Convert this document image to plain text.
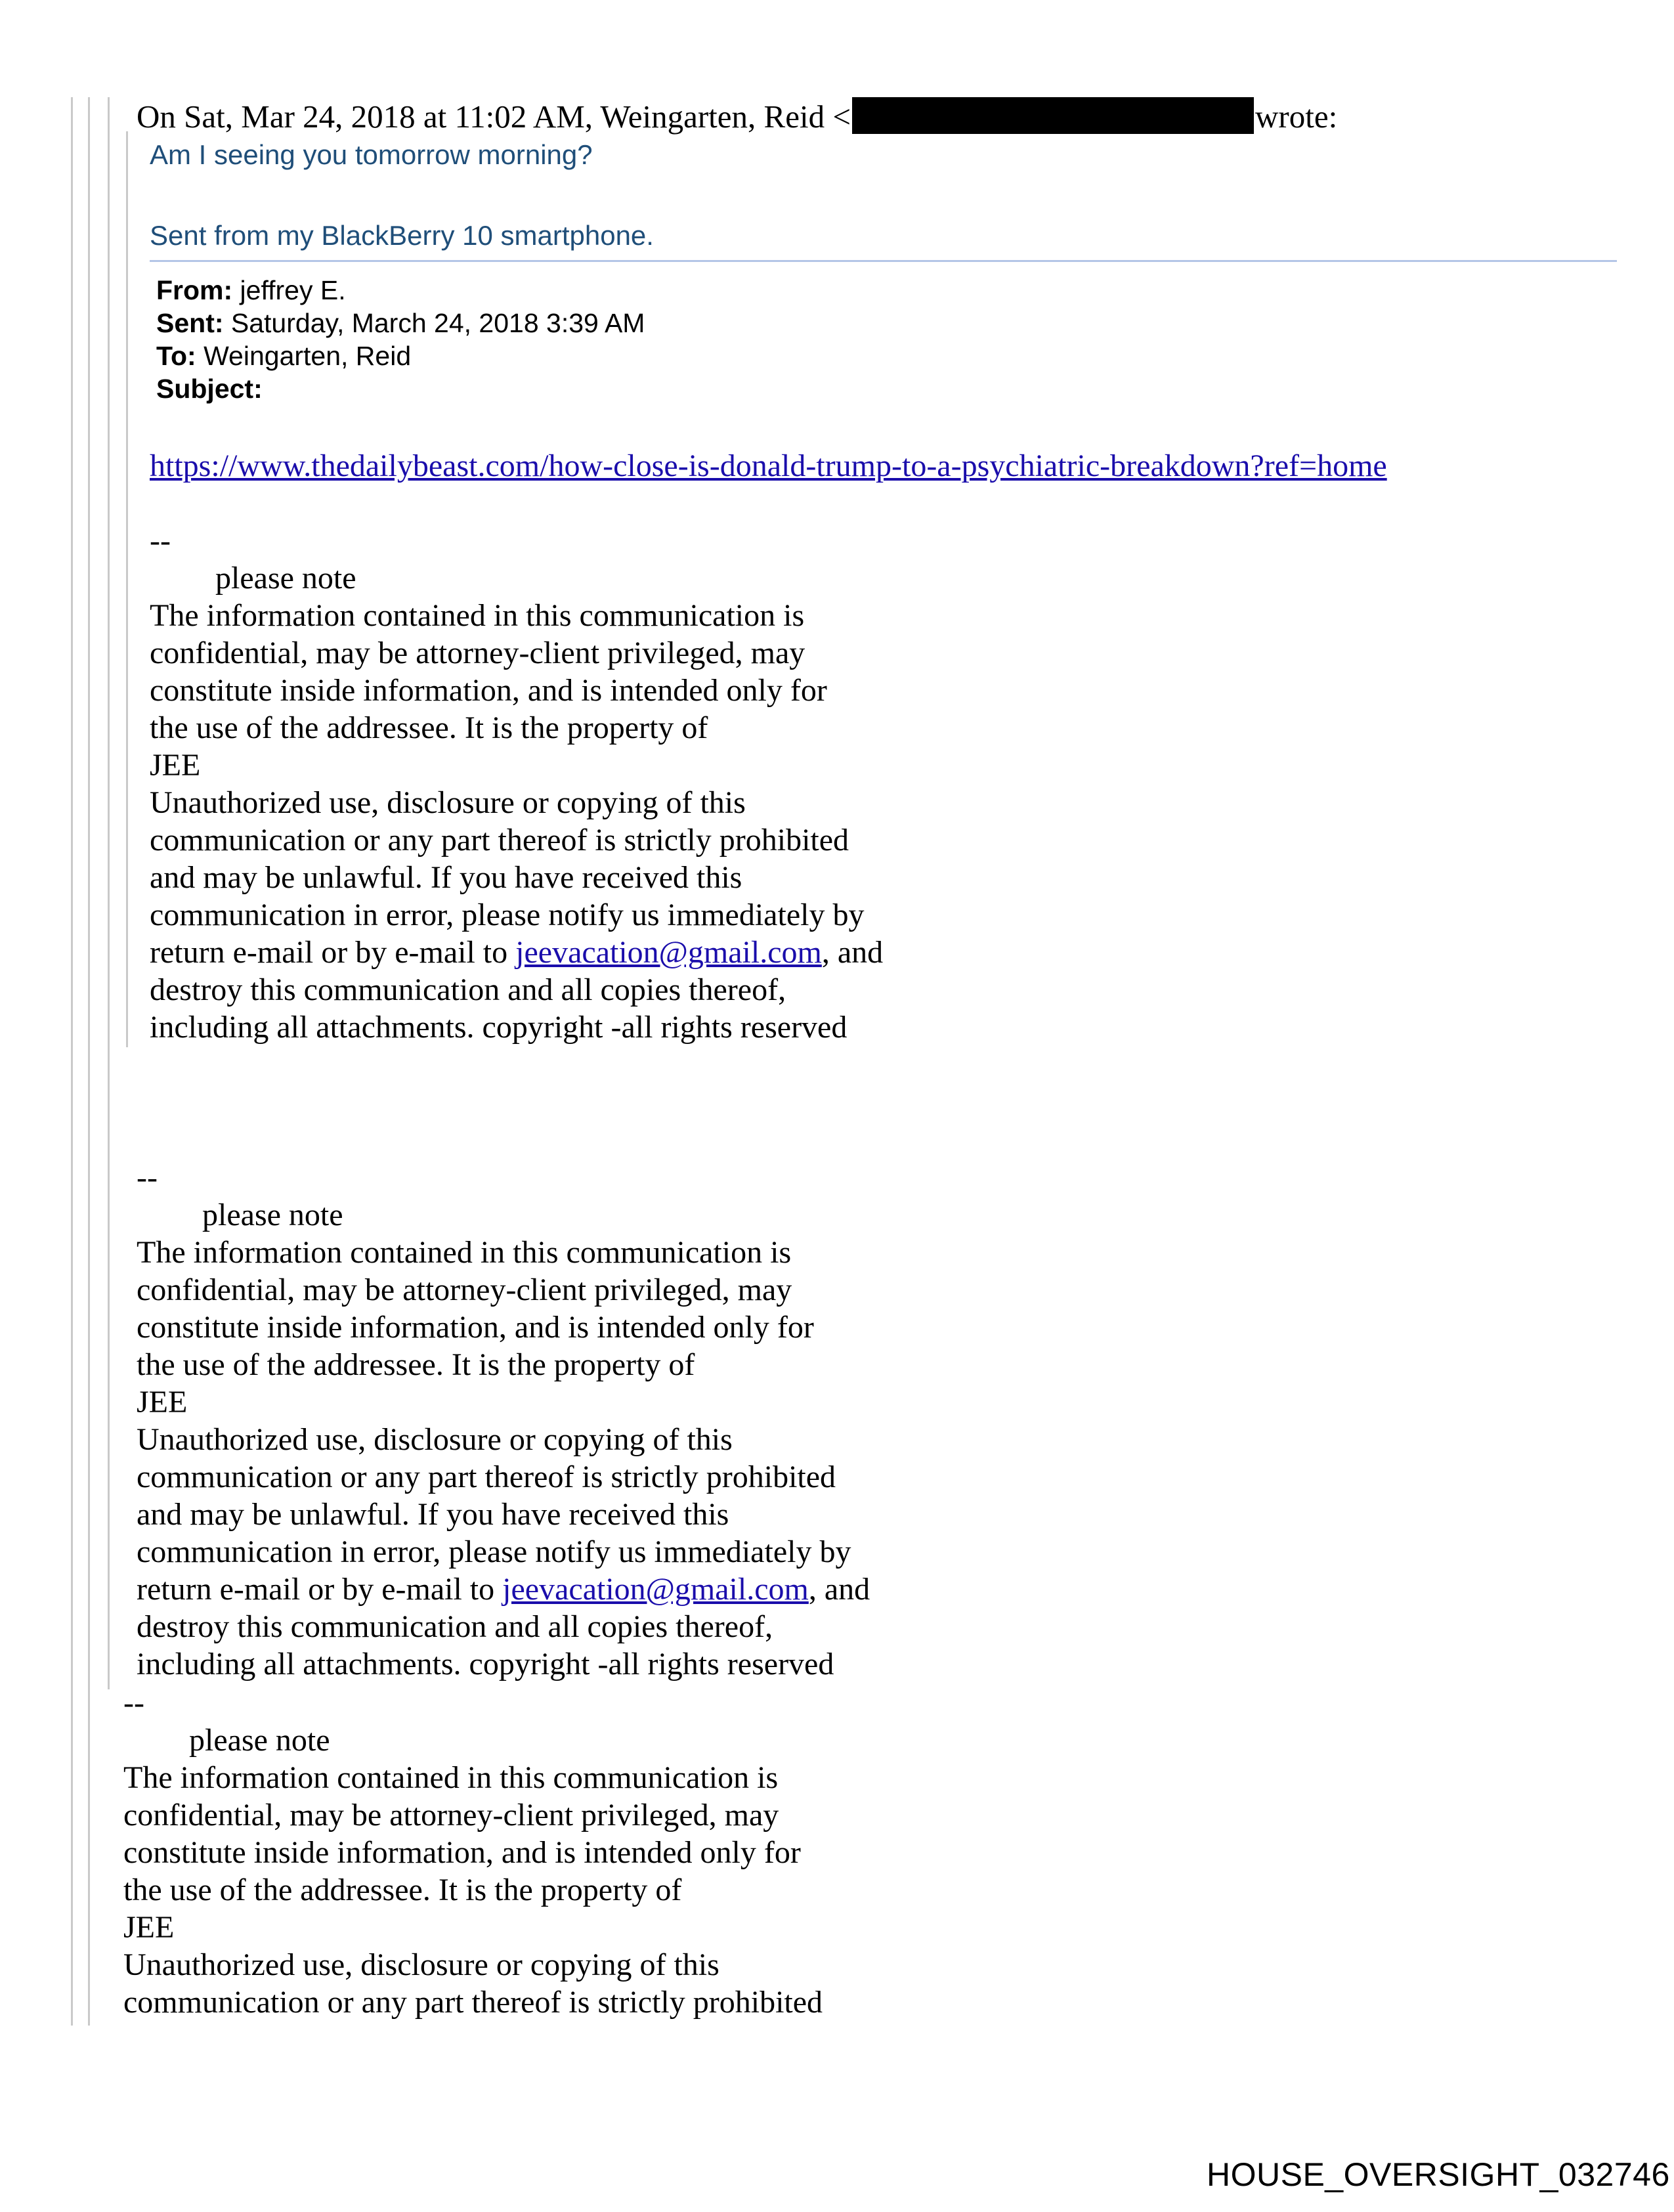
On Sat, Mar 24, 2018 at 11:02 AM, Weingarten, Reid <	wrote:
Am I seeing you tomorrow morning?
Sent from my BlackBerry 10 smartphone.
From: jeffrey E.
Sent: Saturday, March 24, 2018 3:39 AM
To: Weingarten, Reid
Subject:
https://www.thedailybeast.com/how-close-is-donald-trump-to-a-psychiatric-breakdown?ref=home
--
please note
The information contained in this communication is
confidential, may be attorney-client privileged, may
constitute inside information, and is intended only for
the use of the addressee. It is the property of
JEE
Unauthorized use, disclosure or copying of this
communication or any part thereof is strictly prohibited
and may be unlawful. If you have received this
communication in error, please notify us immediately by
return e-mail or by e-mail to jeevacation@gmail.com, and
destroy this communication and all copies thereof,
including all attachments. copyright -all rights reserved
--
please note
The information contained in this communication is
confidential, may be attorney-client privileged, may
constitute inside information, and is intended only for
the use of the addressee. It is the property of
JEE
Unauthorized use, disclosure or copying of this
communication or any part thereof is strictly prohibited
and may be unlawful. If you have received this
communication in error, please notify us immediately by
return e-mail or by e-mail to jeevacation@gmail.com, and
destroy this communication and all copies thereof,
including all attachments. copyright -all rights reserved
--
please note
The information contained in this communication is
confidential, may be attorney-client privileged, may
constitute inside information, and is intended only for
the use of the addressee. It is the property of
JEE
Unauthorized use, disclosure or copying of this
communication or any part thereof is strictly prohibited
HOUSE_OVERSIGHT_032746
